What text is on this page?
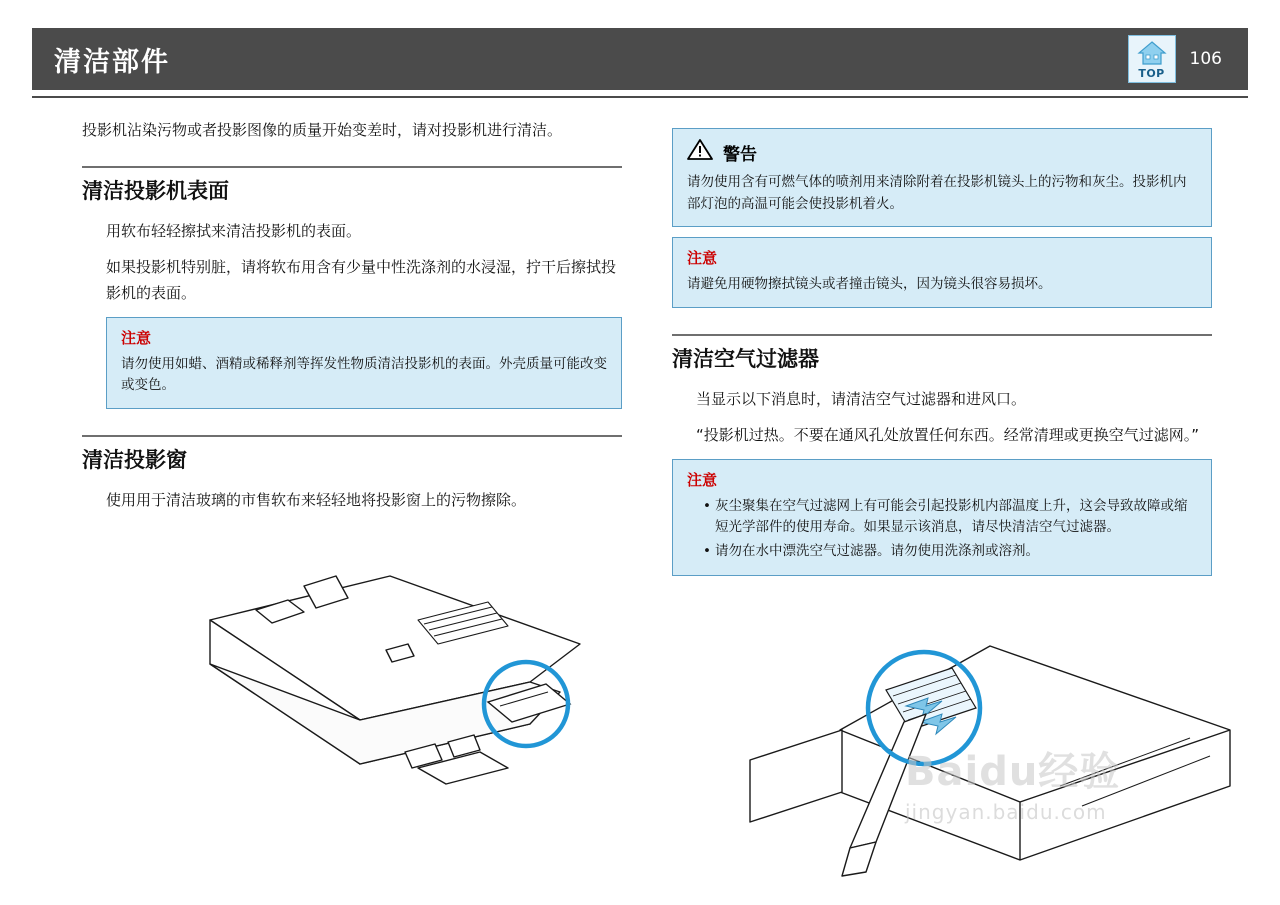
清洁部件	TOP
106

投影机沾染污物或者投影图像的质量开始变差时，请对投影机进行清洁。

清洁投影机表面

用软布轻轻擦拭来清洁投影机的表面。

如果投影机特别脏，请将软布用含有少量中性洗涤剂的水浸湿，拧干后擦拭投影机的表面。

注意
请勿使用如蜡、酒精或稀释剂等挥发性物质清洁投影机的表面。外壳质量可能改变或变色。
清洁投影窗

使用用于清洁玻璃的市售软布来轻轻地将投影窗上的污物擦除。

警告
请勿使用含有可燃气体的喷剂用来清除附着在投影机镜头上的污物和灰尘。投影机内部灯泡的高温可能会使投影机着火。
注意
请避免用硬物擦拭镜头或者撞击镜头，因为镜头很容易损坏。
清洁空气过滤器

当显示以下消息时，请清洁空气过滤器和进风口。

“投影机过热。不要在通风孔处放置任何东西。经常清理或更换空气过滤网。”

注意
• 灰尘聚集在空气过滤网上有可能会引起投影机内部温度上升，这会导致故障或缩短光学部件的使用寿命。如果显示该消息，请尽快清洁空气过滤器。
• 请勿在水中漂洗空气过滤器。请勿使用洗涤剂或溶剂。
Baidu经验
jingyan.baidu.com
